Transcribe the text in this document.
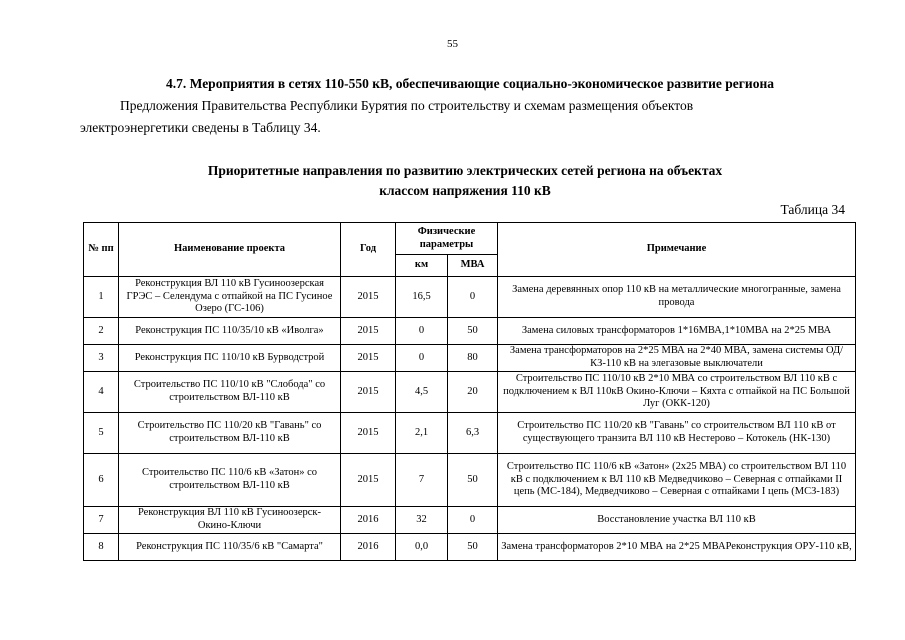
55
4.7. Мероприятия в сетях 110-550 кВ, обеспечивающие социально-экономическое развитие региона
Предложения Правительства Республики Бурятия по строительству и схемам размещения объектов
электроэнергетики сведены в Таблицу 34.
Приоритетные направления по развитию электрических сетей региона на объектах
классом напряжения 110 кВ
Таблица 34
№ пп	Наименование проекта	Год	Физические параметры		Примечание
			км	МВА	
1	Реконструкция ВЛ 110 кВ Гусиноозерская ГРЭС – Селендума с отпайкой на ПС Гусиное Озеро (ГС-106)	2015	16,5	0	Замена деревянных опор 110 кВ на металлические многогранные, замена провода
2	Реконструкция ПС 110/35/10 кВ «Иволга»	2015	0	50	Замена силовых трансформаторов 1*16МВА,1*10МВА на 2*25 МВА
3	Реконструкция ПС 110/10 кВ Бурводстрой	2015	0	80	Замена трансформаторов на 2*25 МВА на 2*40 МВА, замена системы ОД/КЗ-110 кВ на элегазовые выключатели
4	Строительство ПС 110/10 кВ "Слобода" со строительством ВЛ-110 кВ	2015	4,5	20	Строительство ПС 110/10 кВ 2*10 МВА со строительством ВЛ 110 кВ с подключением к ВЛ 110кВ Окино-Ключи – Кяхта с отпайкой на ПС Большой Луг (ОКК-120)
5	Строительство ПС 110/20 кВ "Гавань" со строительством ВЛ-110 кВ	2015	2,1	6,3	Строительство ПС 110/20 кВ "Гавань" со строительством ВЛ 110 кВ от существующего транзита ВЛ 110 кВ Нестерово – Котокель (НК-130)
6	Строительство ПС 110/6 кВ «Затон» со строительством ВЛ-110 кВ	2015	7	50	Строительство ПС 110/6 кВ «Затон» (2х25 МВА) со строительством ВЛ 110 кВ с подключением к ВЛ 110 кВ Медведчиково – Северная с отпайками II цепь (МС-184), Медведчиково – Северная с отпайками I цепь (МСЗ-183)
7	Реконструкция ВЛ 110 кВ Гусиноозерск-Окино-Ключи	2016	32	0	Восстановление участка ВЛ 110 кВ
8	Реконструкция ПС 110/35/6 кВ "Самарта"	2016	0,0	50	Замена трансформаторов 2*10 МВА на 2*25 МВАРеконструкция ОРУ-110 кВ,
